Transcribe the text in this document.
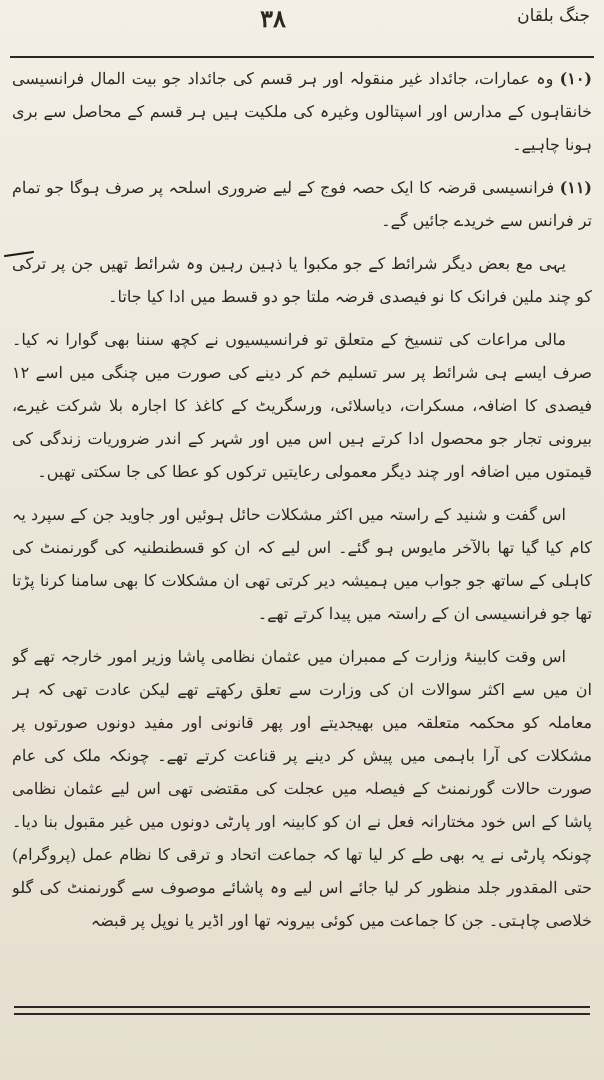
۳۸	جنگ بلقان

(۱۰) وہ عمارات، جائداد غیر منقولہ اور ہر قسم کی جائداد جو بیت المال فرانسیسی خانقاہوں کے مدارس اور اسپتالوں وغیرہ کی ملکیت ہیں ہر قسم کے محاصل سے بری ہونا چاہیے۔

(۱۱) فرانسیسی قرضہ کا ایک حصہ فوج کے لیے ضروری اسلحہ پر صرف ہوگا جو تمام تر فرانس سے خریدے جائیں گے۔

یہی مع بعض دیگر شرائط کے جو مکبوا یا ذہین رہین وہ شرائط تھیں جن پر ترکی کو چند ملین فرانک کا نو فیصدی قرضہ ملتا جو دو قسط میں ادا کیا جاتا۔

مالی مراعات کی تنسیخ کے متعلق تو فرانسیسیوں نے کچھ سننا بھی گوارا نہ کیا۔ صرف ایسے ہی شرائط پر سر تسلیم خم کر دینے کی صورت میں چنگی میں اسے ۱۲ فیصدی کا اضافہ، مسکرات، دیاسلائی، ورسگریٹ کے کاغذ کا اجارہ بلا شرکت غیرے، بیرونی تجار جو محصول ادا کرتے ہیں اس میں اور شہر کے اندر ضروریات زندگی کی قیمتوں میں اضافہ اور چند دیگر معمولی رعایتیں ترکوں کو عطا کی جا سکتی تھیں۔

اس گفت و شنید کے راستہ میں اکثر مشکلات حائل ہوئیں اور جاوید جن کے سپرد یہ کام کیا گیا تھا بالآخر مایوس ہو گئے۔ اس لیے کہ ان کو قسطنطنیہ کی گورنمنٹ کی کاہلی کے ساتھ جو جواب میں ہمیشہ دیر کرتی تھی ان مشکلات کا بھی سامنا کرنا پڑتا تھا جو فرانسیسی ان کے راستہ میں پیدا کرتے تھے۔

اس وقت کابینۂ وزارت کے ممبران میں عثمان نظامی پاشا وزیر امور خارجہ تھے گو ان میں سے اکثر سوالات ان کی وزارت سے تعلق رکھتے تھے لیکن عادت تھی کہ ہر معاملہ کو محکمہ متعلقہ میں بھیجدیتے اور پھر قانونی اور مفید دونوں صورتوں پر مشکلات کی آرا باہمی میں پیش کر دینے پر قناعت کرتے تھے۔ چونکہ ملک کی عام صورت حالات گورنمنٹ کے فیصلہ میں عجلت کی مقتضی تھی اس لیے عثمان نظامی پاشا کے اس خود مختارانہ فعل نے ان کو کابینہ اور پارٹی دونوں میں غیر مقبول بنا دیا۔ چونکہ پارٹی نے یہ بھی طے کر لیا تھا کہ جماعت اتحاد و ترقی کا نظام عمل (پروگرام) حتی المقدور جلد منظور کر لیا جائے اس لیے وہ پاشائے موصوف سے گورنمنٹ کی گلو خلاصی چاہتی۔ جن کا جماعت میں کوئی بیرونہ تھا اور اڈیر یا نوپل پر قبضہ
